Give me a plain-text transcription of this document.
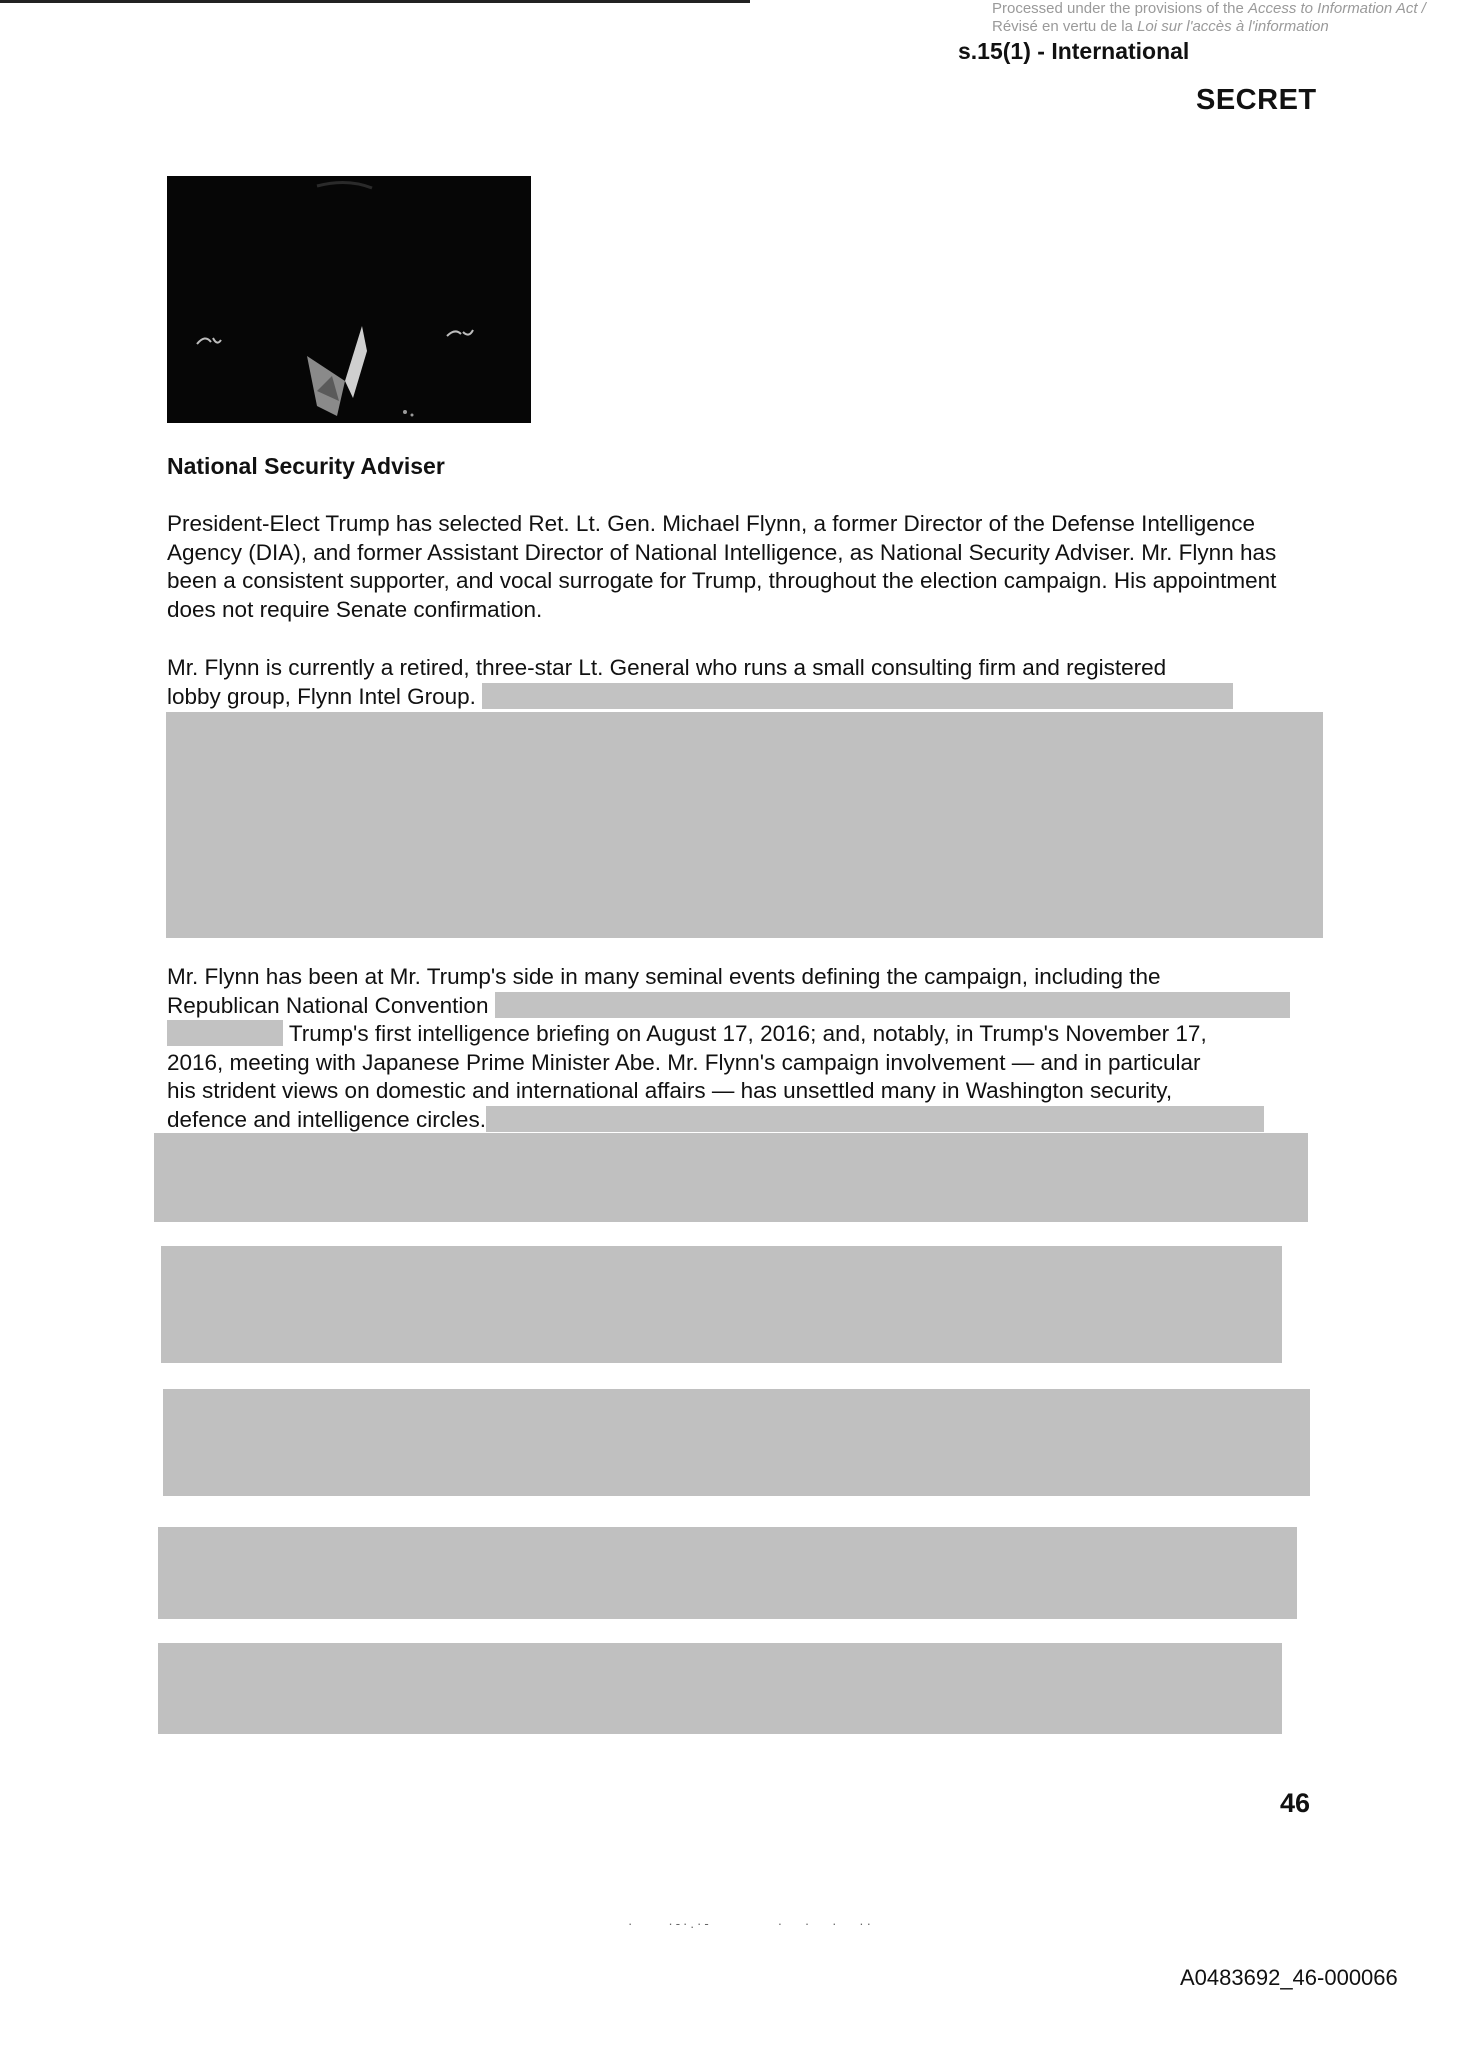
Processed under the provisions of the Access to Information Act /
Révisé en vertu de la Loi sur l'accès à l'information
s.15(1) - International
SECRET
National Security Adviser

President-Elect Trump has selected Ret. Lt. Gen. Michael Flynn, a former Director of the Defense Intelligence Agency (DIA), and former Assistant Director of National Intelligence, as National Security Adviser. Mr. Flynn has been a consistent supporter, and vocal surrogate for Trump, throughout the election campaign. His appointment does not require Senate confirmation.

Mr. Flynn is currently a retired, three-star Lt. General who runs a small consulting firm and registered

lobby group, Flynn Intel Group.

Mr. Flynn has been at Mr. Trump's side in many seminal events defining the campaign, including the

Republican National Convention

Trump's first intelligence briefing on August 17, 2016; and, notably, in Trump's November 17,

2016, meeting with Japanese Prime Minister Abe. Mr. Flynn's campaign involvement — and in particular

his strident views on domestic and international affairs — has unsettled many in Washington security,

defence and intelligence circles.

46
·     ·-·.·-          ·   ·   ·   ··
A0483692_46-000066
